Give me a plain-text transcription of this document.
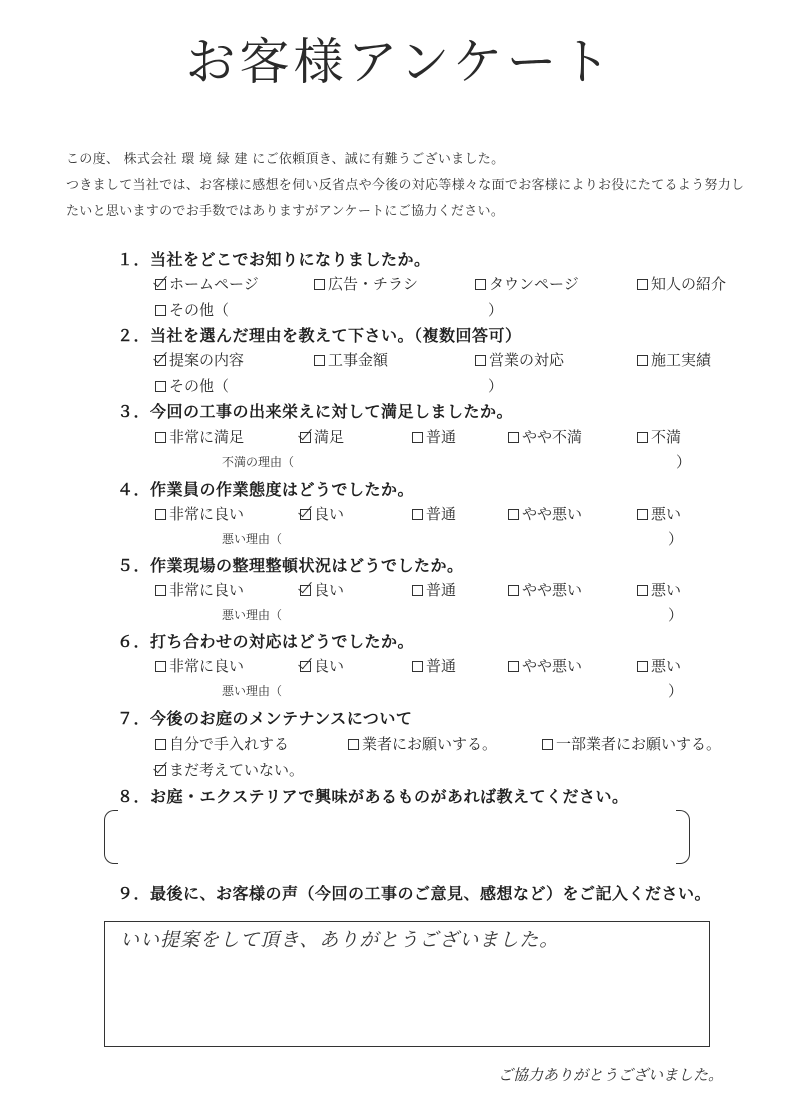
お客様アンケート
この度、 株式会社 環 境 緑 建 にご依頼頂き、誠に有難うございました。
つきまして当社では、お客様に感想を伺い反省点や今後の対応等様々な面でお客様によりお役にたてるよう努力し
たいと思いますのでお手数ではありますがアンケートにご協力ください。
１．当社をどこでお知りになりましたか。
ホームページ	広告・チラシ	タウンページ	知人の紹介
その他（	）
２．当社を選んだ理由を教えて下さい。（複数回答可）
提案の内容	工事金額	営業の対応	施工実績
その他（	）
３．今回の工事の出来栄えに対して満足しましたか。
非常に満足	満足	普通	やや不満	不満
不満の理由（	）
４．作業員の作業態度はどうでしたか。
非常に良い	良い	普通	やや悪い	悪い
悪い理由（	）
５．作業現場の整理整頓状況はどうでしたか。
非常に良い	良い	普通	やや悪い	悪い
悪い理由（	）
６．打ち合わせの対応はどうでしたか。
非常に良い	良い	普通	やや悪い	悪い
悪い理由（	）
７．今後のお庭のメンテナンスについて
自分で手入れする	業者にお願いする。	一部業者にお願いする。
まだ考えていない。
８．お庭・エクステリアで興味があるものがあれば教えてください。
９．最後に、お客様の声（今回の工事のご意見、感想など）をご記入ください。
いい提案をして頂き、ありがとうございました。
ご協力ありがとうございました。
